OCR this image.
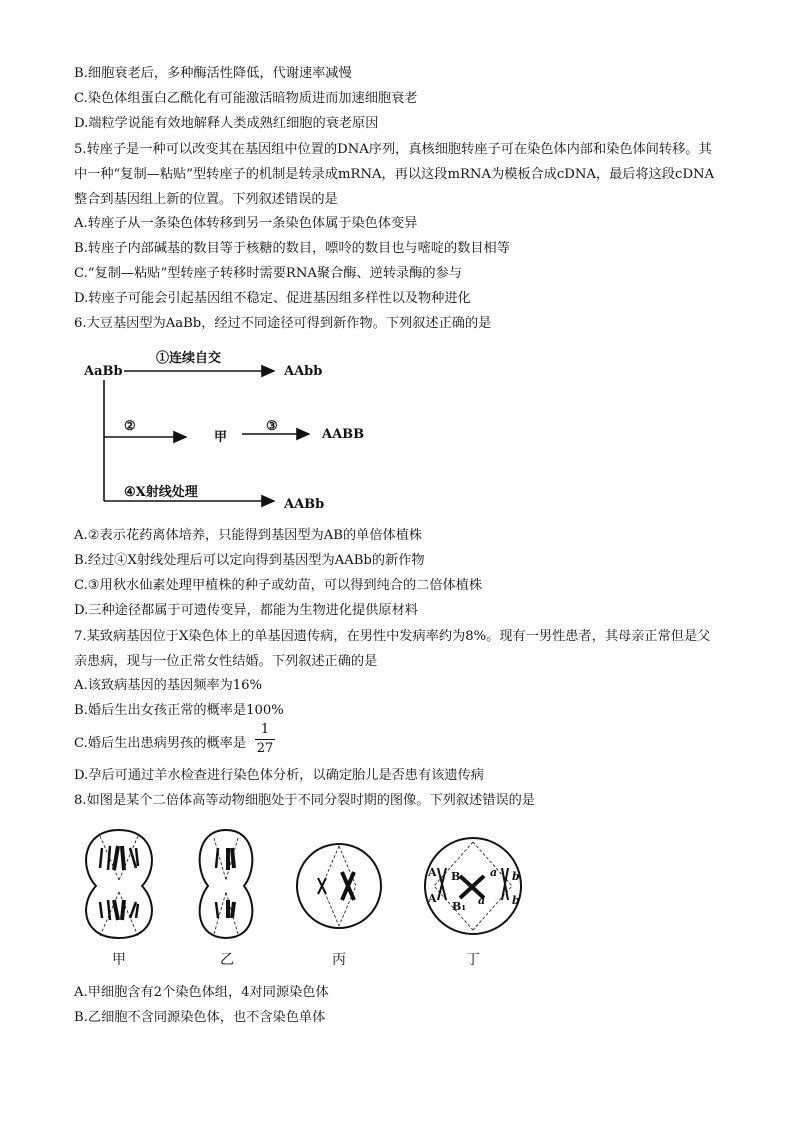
B.细胞衰老后，多种酶活性降低，代谢速率减慢
C.染色体组蛋白乙酰化有可能激活暗物质进而加速细胞衰老
D.端粒学说能有效地解释人类成熟红细胞的衰老原因
5.转座子是一种可以改变其在基因组中位置的DNA序列，真核细胞转座子可在染色体内部和染色体间转移。其中一种“复制—粘贴”型转座子的机制是转录成mRNA，再以这段mRNA为模板合成cDNA，最后将这段cDNA整合到基因组上新的位置。下列叙述错误的是
A.转座子从一条染色体转移到另一条染色体属于染色体变异
B.转座子内部碱基的数目等于核糖的数目，嘌呤的数目也与嘧啶的数目相等
C.“复制—粘贴”型转座子转移时需要RNA聚合酶、逆转录酶的参与
D.转座子可能会引起基因组不稳定、促进基因组多样性以及物种进化
6.大豆基因型为AaBb，经过不同途径可得到新作物。下列叙述正确的是
AaBb
①连续自交
AAbb
②
甲
③
AABB
④X射线处理
AABb
A.②表示花药离体培养，只能得到基因型为AB的单倍体植株
B.经过④X射线处理后可以定向得到基因型为AABb的新作物
C.③用秋水仙素处理甲植株的种子或幼苗，可以得到纯合的二倍体植株
D.三种途径都属于可遗传变异，都能为生物进化提供原材料
7.某致病基因位于X染色体上的单基因遗传病，在男性中发病率约为8%。现有一男性患者，其母亲正常但是父亲患病，现与一位正常女性结婚。下列叙述正确的是
A.该致病基因的基因频率为16%
B.婚后生出女孩正常的概率是100%
C.婚后生出患病男孩的概率是
1
27
D.孕后可通过羊水检查进行染色体分析，以确定胎儿是否患有该遗传病
8.如图是某个二倍体高等动物细胞处于不同分裂时期的图像。下列叙述错误的是
甲	乙	丙
A
A
B
B₁
a
a
b
b
丁
A.甲细胞含有2个染色体组，4对同源染色体
B.乙细胞不含同源染色体，也不含染色单体
